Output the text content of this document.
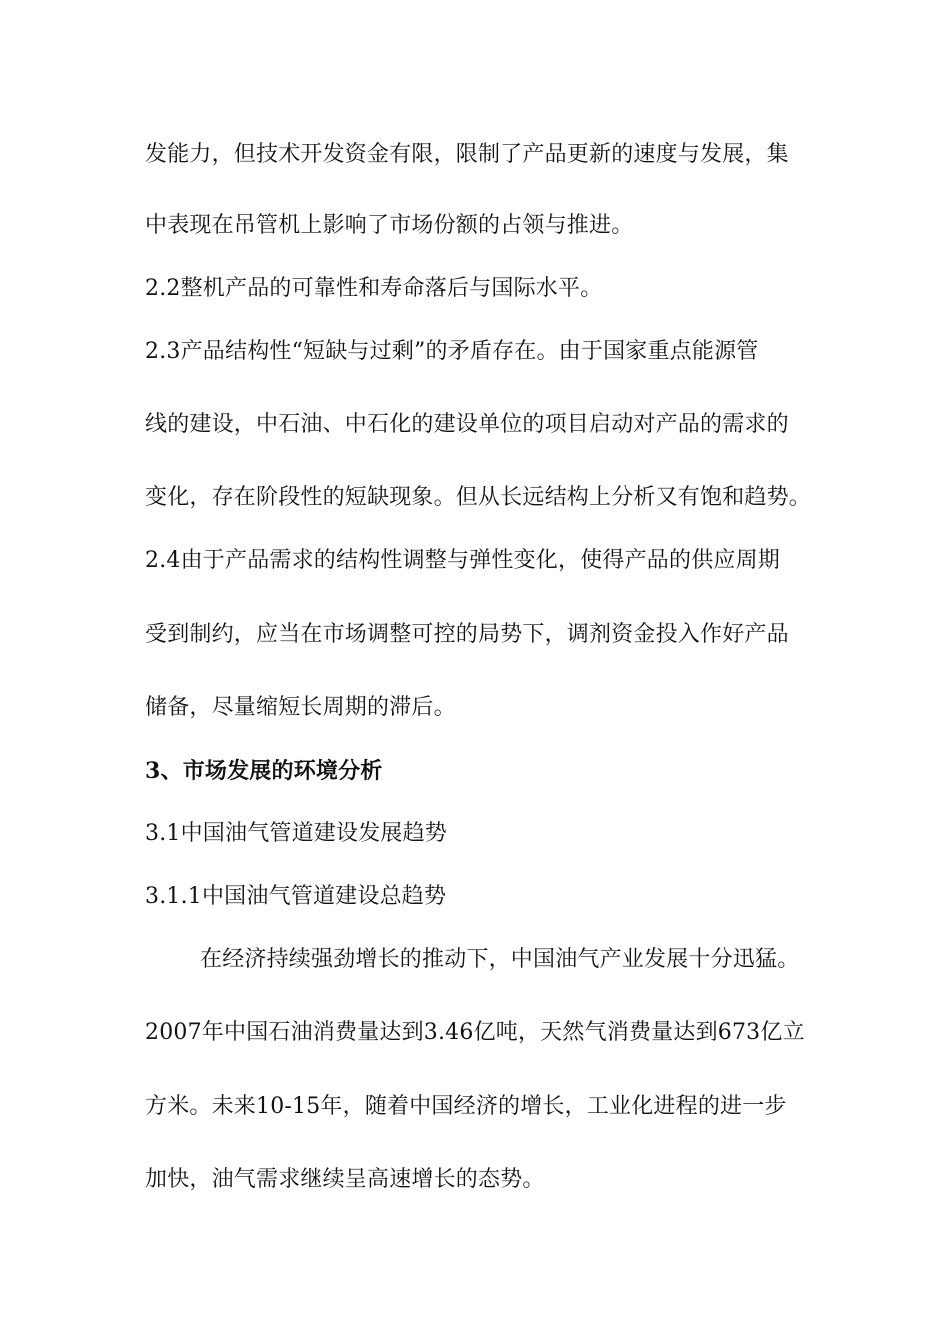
发能力，但技术开发资金有限，限制了产品更新的速度与发展，集
中表现在吊管机上影响了市场份额的占领与推进。
2.2整机产品的可靠性和寿命落后与国际水平。
2.3产品结构性“短缺与过剩”的矛盾存在。由于国家重点能源管
线的建设，中石油、中石化的建设单位的项目启动对产品的需求的
变化，存在阶段性的短缺现象。但从长远结构上分析又有饱和趋势。
2.4由于产品需求的结构性调整与弹性变化，使得产品的供应周期
受到制约，应当在市场调整可控的局势下，调剂资金投入作好产品
储备，尽量缩短长周期的滞后。
3、市场发展的环境分析
3.1中国油气管道建设发展趋势
3.1.1中国油气管道建设总趋势
在经济持续强劲增长的推动下，中国油气产业发展十分迅猛。
2007年中国石油消费量达到3.46亿吨，天然气消费量达到673亿立
方米。未来10-15年，随着中国经济的增长，工业化进程的进一步
加快，油气需求继续呈高速增长的态势。
